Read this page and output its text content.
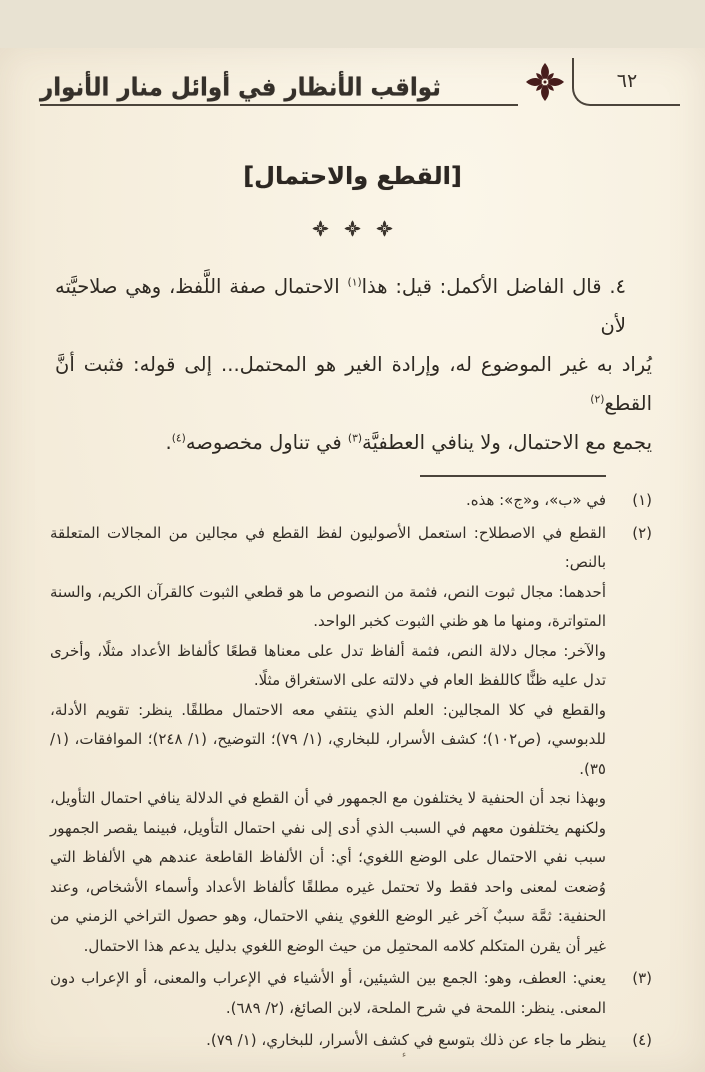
٦٢
ثواقب الأنظار في أوائل منار الأنوار
[القطع والاحتمال]
٤. قال الفاضل الأكمل: قيل: هذا$^{(١)}$ الاحتمال صفة اللَّفظ، وهي صلاحيَّته لأن
يُراد به غير الموضوع له، وإرادة الغير هو المحتمل... إلى قوله: فثبت أنَّ القطع$^{(٢)}$
يجمع مع الاحتمال، ولا ينافي العطفيَّة$^{(٣)}$ في تناول مخصوصه$^{(٤)}$.
(١)
في «ب»، و«ج»: هذه.
(٢)
القطع في الاصطلاح: استعمل الأصوليون لفظ القطع في مجالين من المجالات المتعلقة بالنص:
أحدهما: مجال ثبوت النص، فثمة من النصوص ما هو قطعي الثبوت كالقرآن الكريم، والسنة المتواترة، ومنها ما هو ظني الثبوت كخبر الواحد.
والآخر: مجال دلالة النص، فثمة ألفاظ تدل على معناها قطعًا كألفاظ الأعداد مثلًا، وأخرى تدل عليه ظنًّا كاللفظ العام في دلالته على الاستغراق مثلًا.
والقطع في كلا المجالين: العلم الذي ينتفي معه الاحتمال مطلقًا. ينظر: تقويم الأدلة، للدبوسي، (ص١٠٢)؛ كشف الأسرار، للبخاري، (١/ ٧٩)؛ التوضيح، (١/ ٢٤٨)؛ الموافقات، (١/ ٣٥).
وبهذا نجد أن الحنفية لا يختلفون مع الجمهور في أن القطع في الدلالة ينافي احتمال التأويل، ولكنهم يختلفون معهم في السبب الذي أدى إلى نفي احتمال التأويل، فبينما يقصر الجمهور سبب نفي الاحتمال على الوضع اللغوي؛ أي: أن الألفاظ القاطعة عندهم هي الألفاظ التي وُضعت لمعنى واحد فقط ولا تحتمل غيره مطلقًا كألفاظ الأعداد وأسماء الأشخاص، وعند الحنفية: ثمَّة سببٌ آخر غير الوضع اللغوي ينفي الاحتمال، وهو حصول التراخي الزمني من غير أن يقرن المتكلم كلامه المحتمِل من حيث الوضع اللغوي بدليل يدعم هذا الاحتمال.
(٣)
يعني: العطف، وهو: الجمع بين الشيئين، أو الأشياء في الإعراب والمعنى، أو الإعراب دون المعنى. ينظر: اللمحة في شرح الملحة، لابن الصائغ، (٢/ ٦٨٩).
(٤)
ينظر ما جاء عن ذلك بتوسع في كشف الأسرار، للبخاري، (١/ ٧٩).
ء
